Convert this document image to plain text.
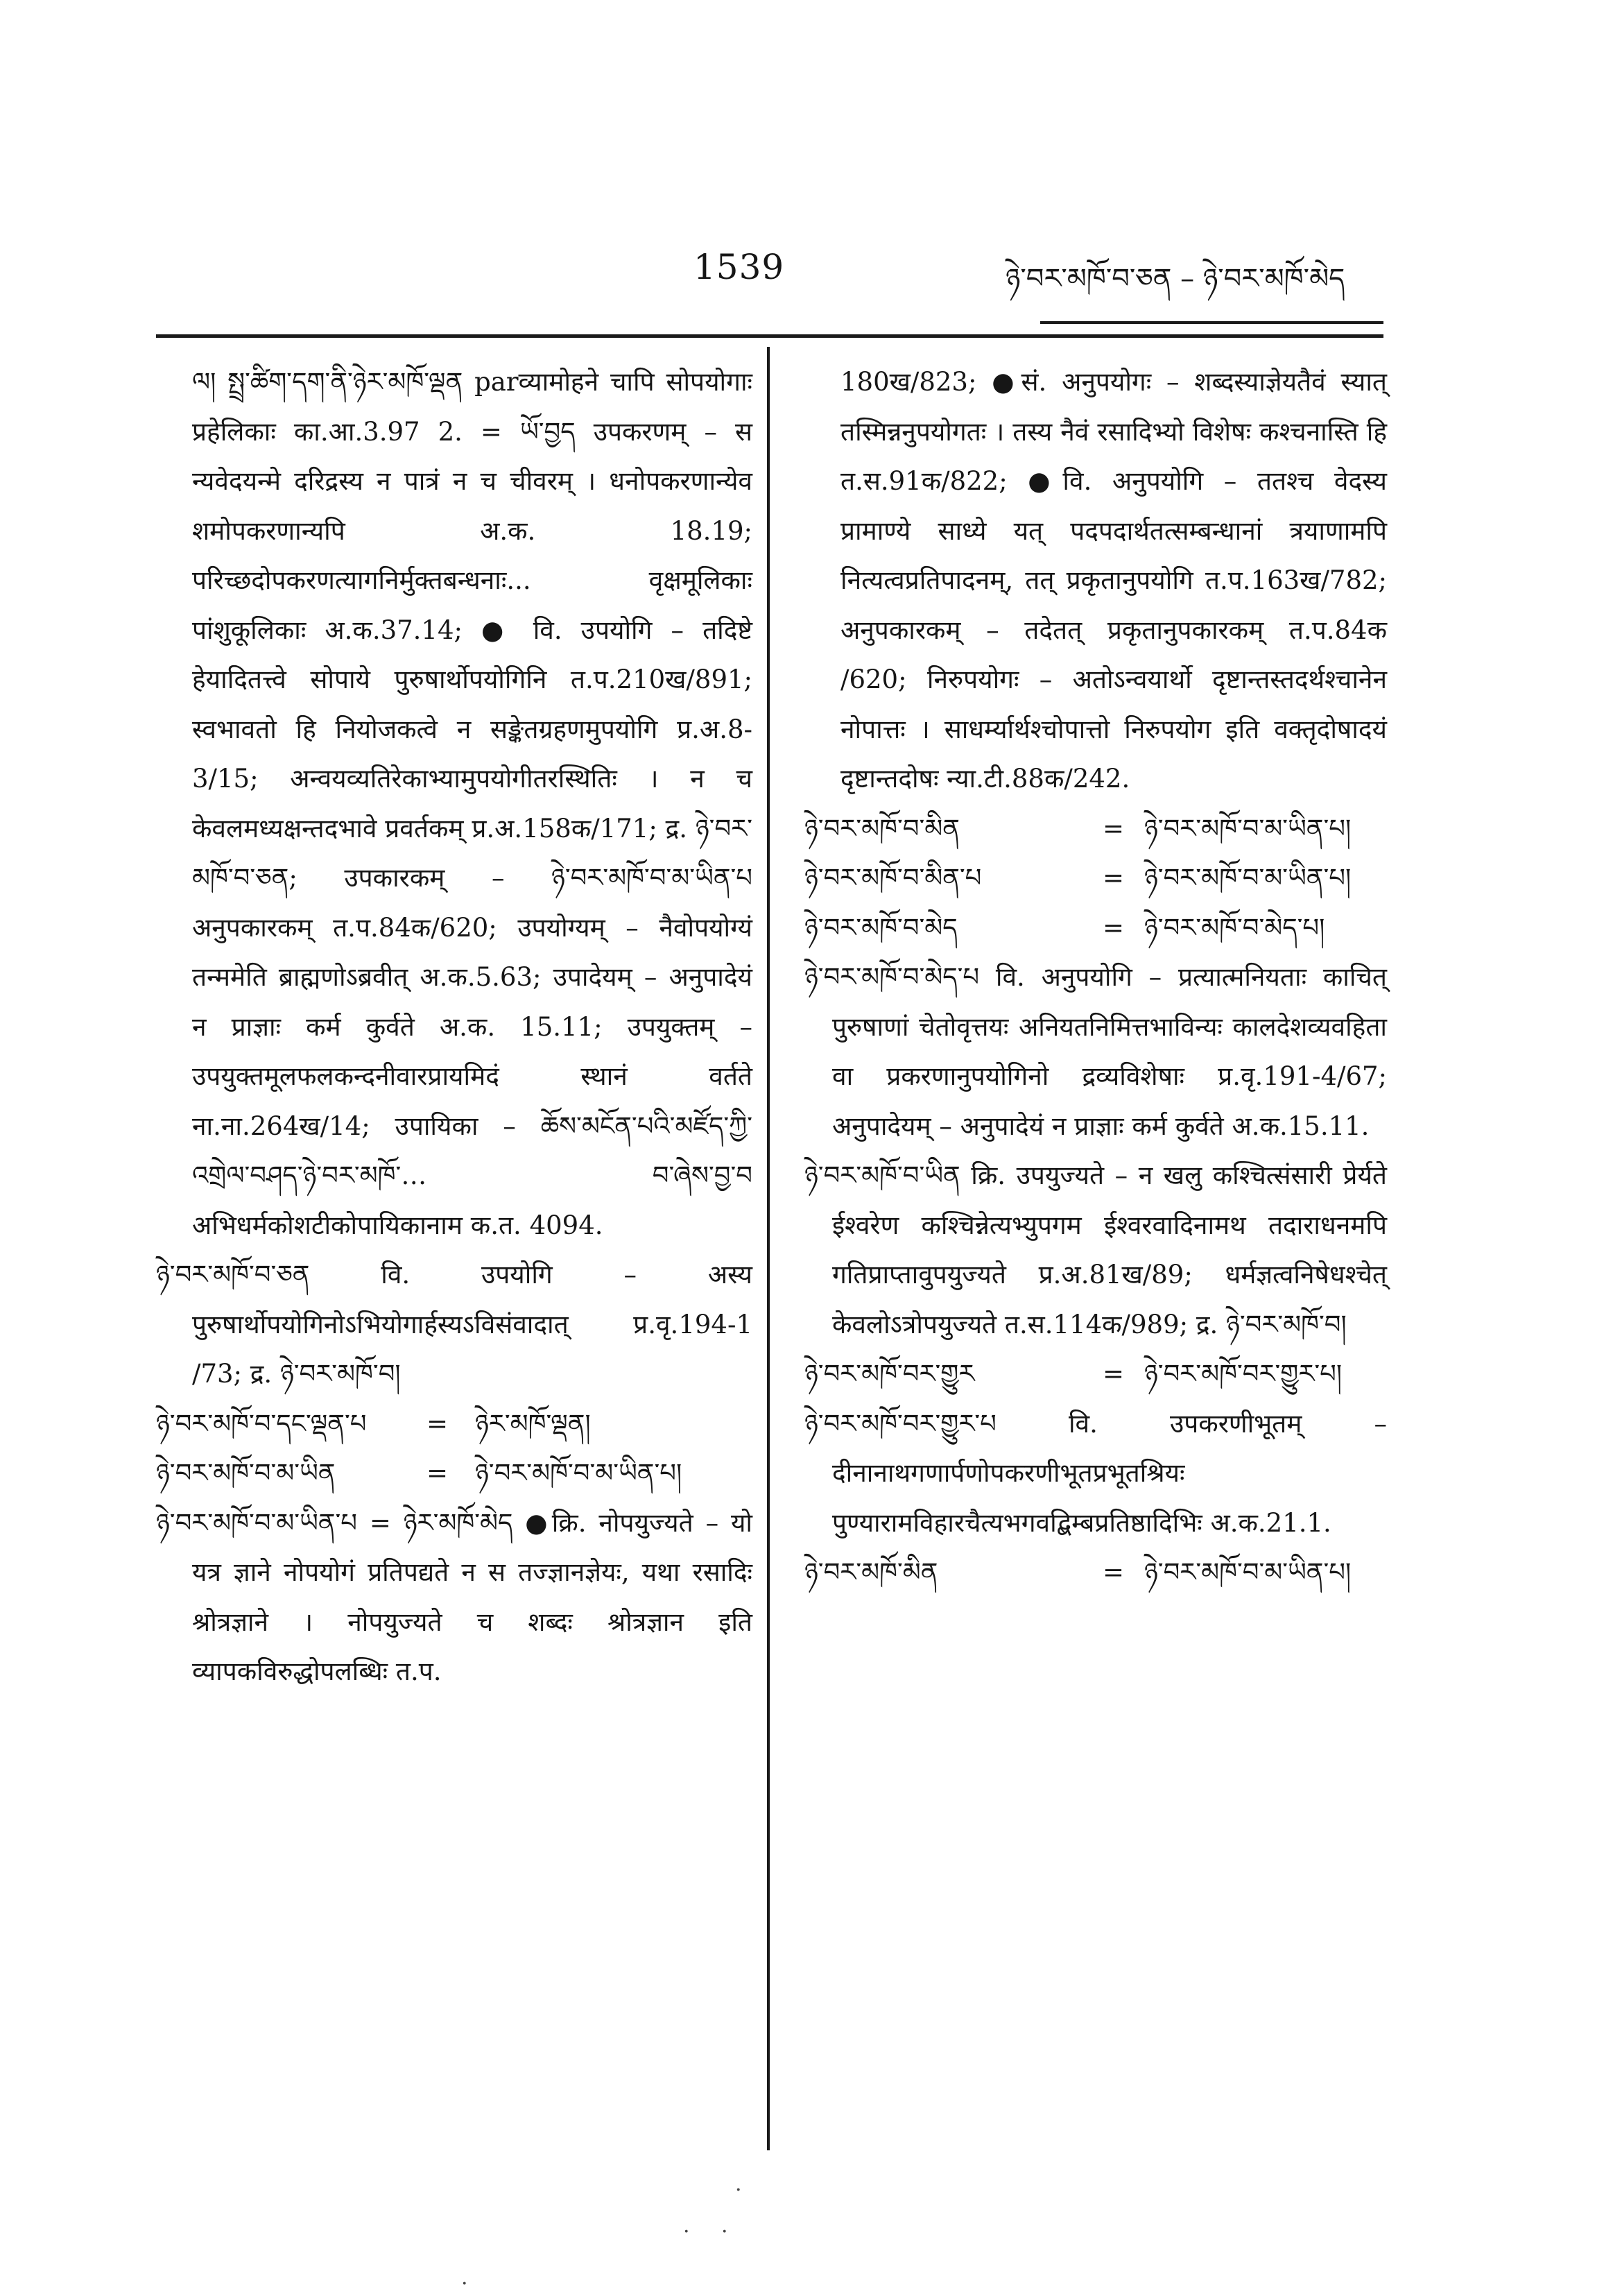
1539	ཉེ་བར་མཁོ་བ་ཅན – ཉེ་བར་མཁོ་མེད

ལ། སྤྲ་ཚིག་དག་ནི་ཉེར་མཁོ་ལྡན parव्यामोहने चापि सोपयोगाः प्रहेलिकाः का.आ.3.97 2. = ཡོ་བྱད उपकरणम् – स न्यवेदयन्मे दरिद्रस्य न पात्रं न च चीवरम् । धनोपकरणान्येव शमोपकरणान्यपि अ.क. 18.19; परिच्छदोपकरणत्यागनिर्मुक्तबन्धनाः... वृक्षमूलिकाः पांशुकूलिकाः अ.क.37.14; ● वि. उपयोगि – तदिष्टे हेयादितत्त्वे सोपाये पुरुषार्थोपयोगिनि त.प.210ख/891; स्वभावतो हि नियोजकत्वे न सङ्केतग्रहणमुपयोगि प्र.अ.8-3/15; अन्वयव्यतिरेकाभ्यामुपयोगीतरस्थितिः । न च केवलमध्यक्षन्तदभावे प्रवर्तकम् प्र.अ.158क/171; द्र. ཉེ་བར་མཁོ་བ་ཅན; उपकारकम् – ཉེ་བར་མཁོ་བ་མ་ཡིན་པ अनुपकारकम् त.प.84क/620; उपयोग्यम् – नैवोपयोग्यं तन्ममेति ब्राह्मणोऽब्रवीत् अ.क.5.63; उपादेयम् – अनुपादेयं न प्राज्ञाः कर्म कुर्वते अ.क. 15.11; उपयुक्तम् – उपयुक्तमूलफलकन्दनीवारप्रायमिदं स्थानं वर्तते ना.ना.264ख/14; उपायिका – ཆོས་མངོན་པའི་མཛོད་ཀྱི་འགྲེལ་བཤད་ཉེ་བར་མཁོ་… བ་ཞེས་བྱ་བ अभिधर्मकोशटीकोपायिकानाम क.त. 4094.

ཉེ་བར་མཁོ་བ་ཅན वि. उपयोगि – अस्य पुरुषार्थोपयोगिनोऽभियोगार्हस्यऽविसंवादात् प्र.वृ.194-1 /73; द्र. ཉེ་བར་མཁོ་བ།

ཉེ་བར་མཁོ་བ་དང་ལྡན་པ	=	ཉེར་མཁོ་ལྡན།
ཉེ་བར་མཁོ་བ་མ་ཡིན	=	ཉེ་བར་མཁོ་བ་མ་ཡིན་པ།

ཉེ་བར་མཁོ་བ་མ་ཡིན་པ = ཉེར་མཁོ་མེད ●क्रि. नोपयुज्यते – यो यत्र ज्ञाने नोपयोगं प्रतिपद्यते न स तज्ज्ञानज्ञेयः, यथा रसादिः श्रोत्रज्ञाने । नोपयुज्यते च शब्दः श्रोत्रज्ञान इति व्यापकविरुद्धोपलब्धिः त.प.

180ख/823; ●सं. अनुपयोगः – शब्दस्याज्ञेयतैवं स्यात् तस्मिन्ननुपयोगतः । तस्य नैवं रसादिभ्यो विशेषः कश्चनास्ति हि त.स.91क/822; ●वि. अनुपयोगि – ततश्च वेदस्य प्रामाण्ये साध्ये यत् पदपदार्थतत्सम्बन्धानां त्रयाणामपि नित्यत्वप्रतिपादनम्, तत् प्रकृतानुपयोगि त.प.163ख/782; अनुपकारकम् – तदेतत् प्रकृतानुपकारकम् त.प.84क /620; निरुपयोगः – अतोऽन्वयार्थो दृष्टान्तस्तदर्थश्चानेन नोपात्तः । साधर्म्यार्थश्चोपात्तो निरुपयोग इति वक्तृदोषादयं दृष्टान्तदोषः न्या.टी.88क/242.

ཉེ་བར་མཁོ་བ་མིན	= ཉེ་བར་མཁོ་བ་མ་ཡིན་པ།
ཉེ་བར་མཁོ་བ་མིན་པ	= ཉེ་བར་མཁོ་བ་མ་ཡིན་པ།
ཉེ་བར་མཁོ་བ་མེད	= ཉེ་བར་མཁོ་བ་མེད་པ།

ཉེ་བར་མཁོ་བ་མེད་པ वि. अनुपयोगि – प्रत्यात्मनियताः काचित् पुरुषाणां चेतोवृत्तयः अनियतनिमित्तभाविन्यः कालदेशव्यवहिता वा प्रकरणानुपयोगिनो द्रव्यविशेषाः प्र.वृ.191-4/67; अनुपादेयम् – अनुपादेयं न प्राज्ञाः कर्म कुर्वते अ.क.15.11.

ཉེ་བར་མཁོ་བ་ཡིན क्रि. उपयुज्यते – न खलु कश्चित्संसारी प्रेर्यते ईश्वरेण कश्चिन्नेत्यभ्युपगम ईश्वरवादिनामथ तदाराधनमपि गतिप्राप्तावुपयुज्यते प्र.अ.81ख/89; धर्मज्ञत्वनिषेधश्चेत् केवलोऽत्रोपयुज्यते त.स.114क/989; द्र. ཉེ་བར་མཁོ་བ།

ཉེ་བར་མཁོ་བར་གྱུར	= ཉེ་བར་མཁོ་བར་གྱུར་པ།

ཉེ་བར་མཁོ་བར་གྱུར་པ वि. उपकरणीभूतम् – दीनानाथगणार्पणोपकरणीभूतप्रभूतश्रियः पुण्यारामविहारचैत्यभगवद्बिम्बप्रतिष्ठादिभिः अ.क.21.1.

ཉེ་བར་མཁོ་མིན	= ཉེ་བར་མཁོ་བ་མ་ཡིན་པ།
·
· ·
·
